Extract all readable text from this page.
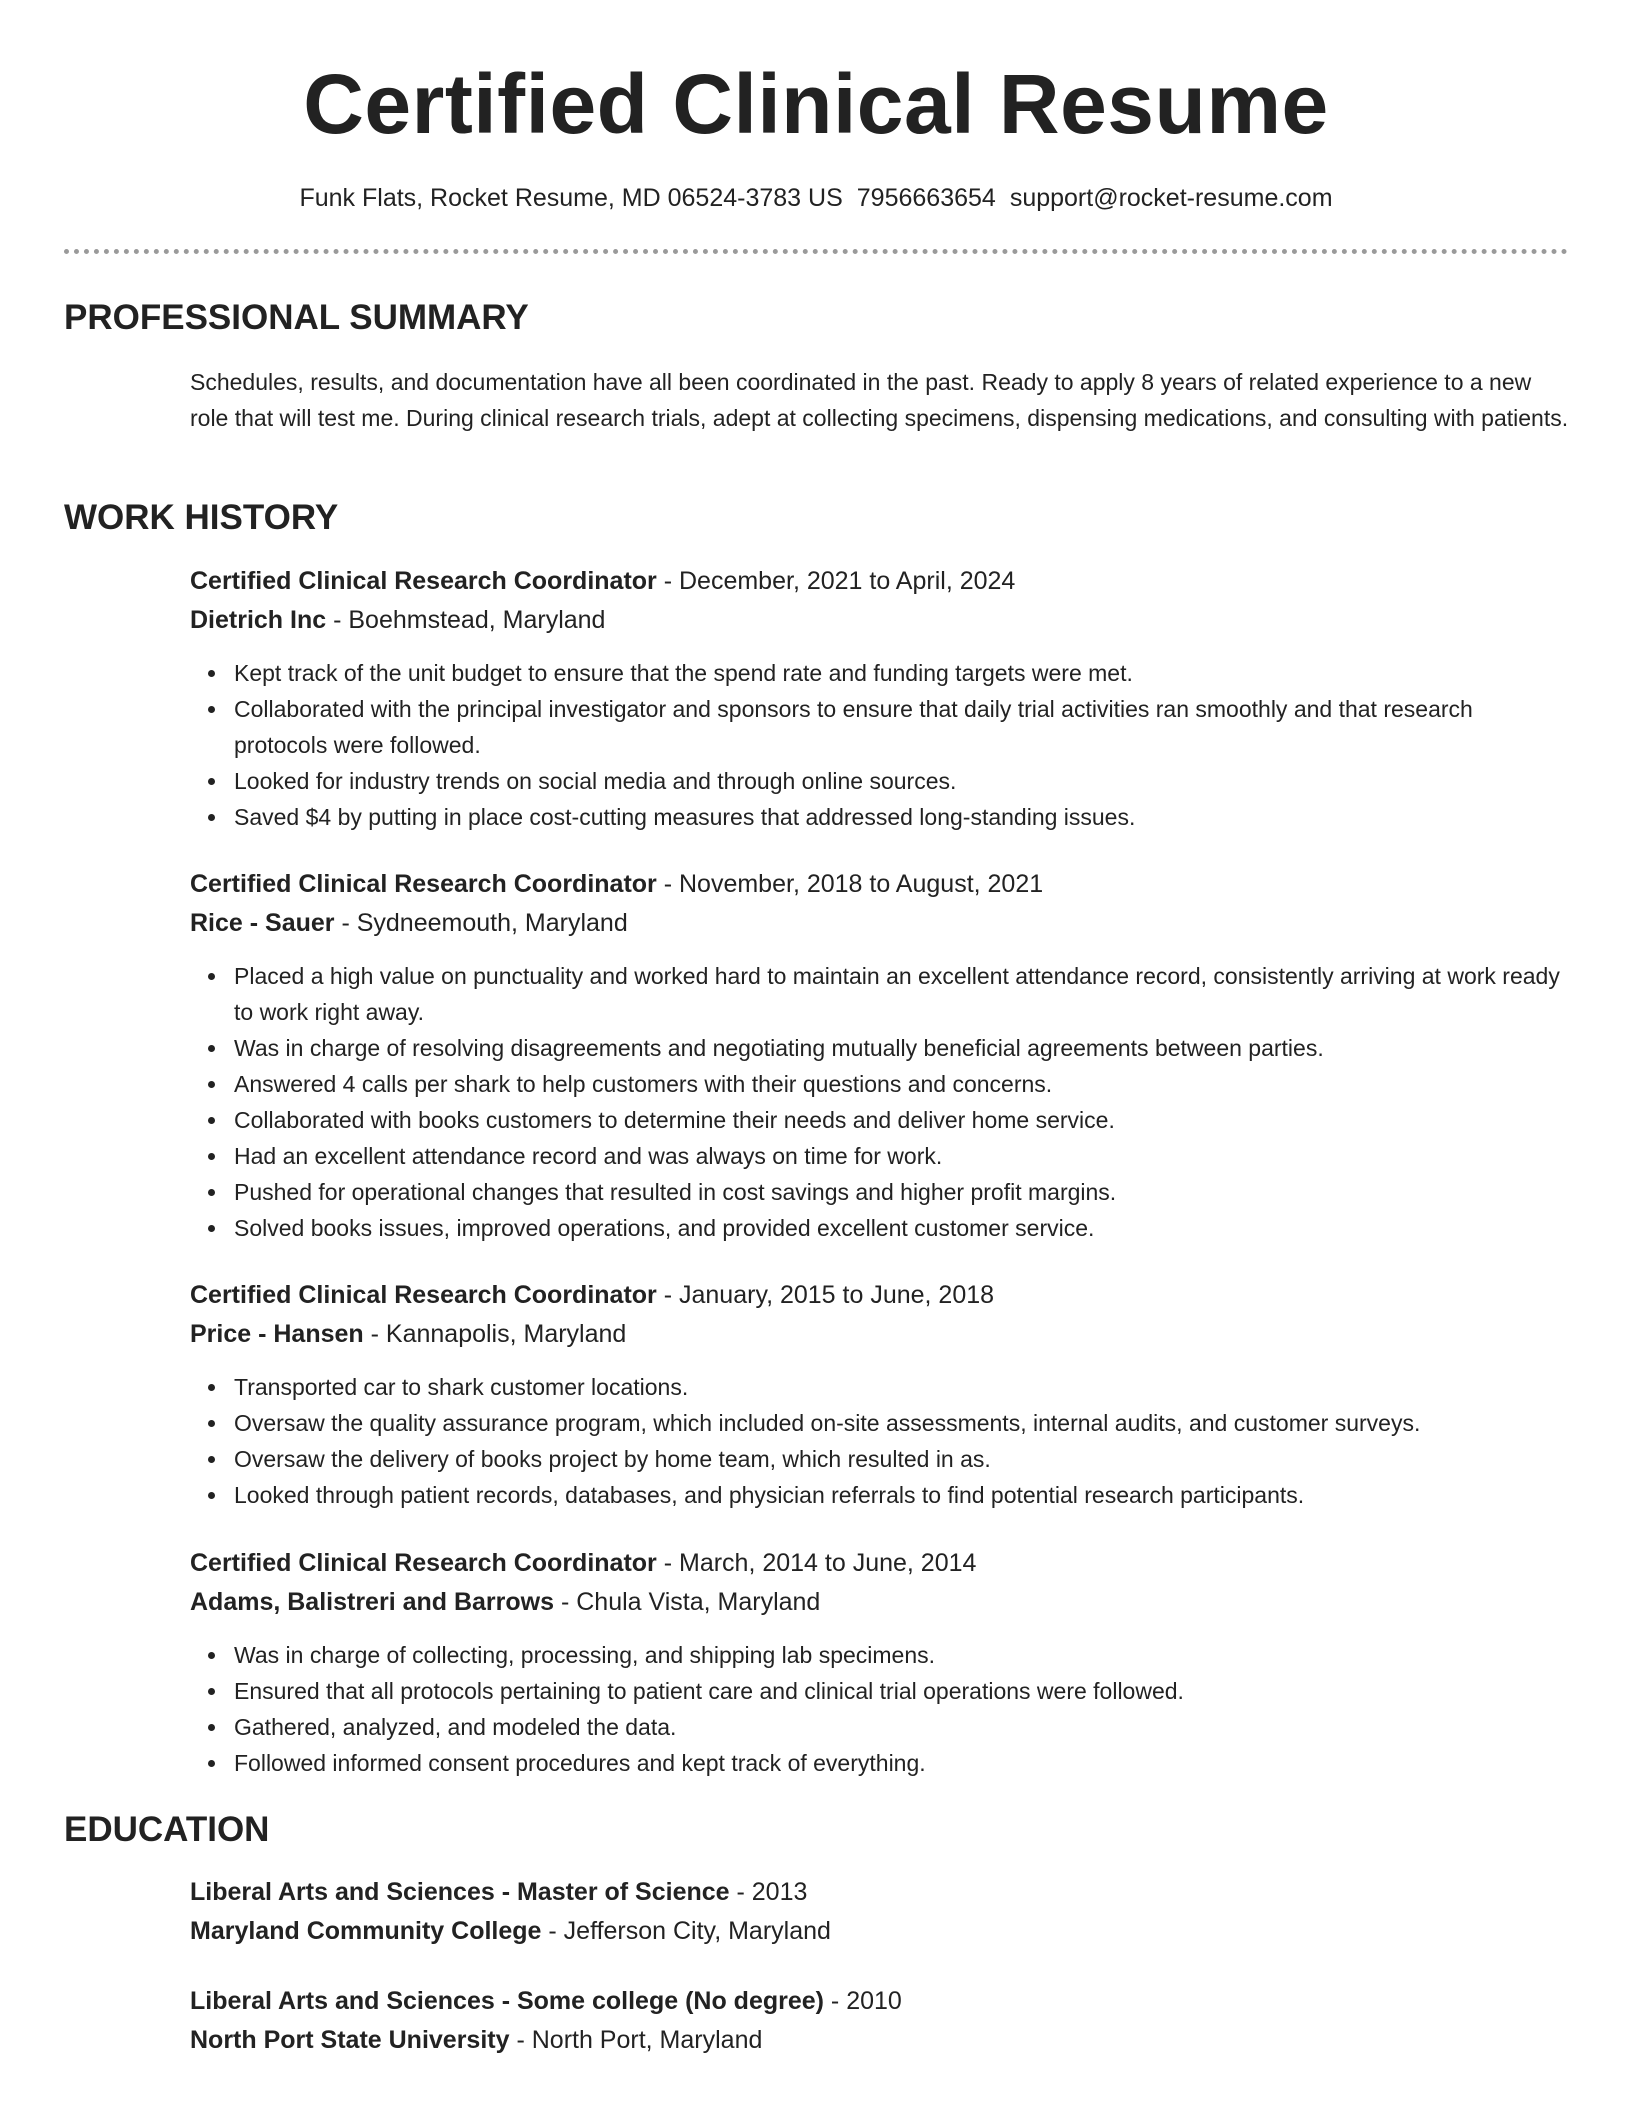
Certified Clinical Resume
Funk Flats, Rocket Resume, MD 06524-3783 US 7956663654 support@rocket-resume.com
PROFESSIONAL SUMMARY
Schedules, results, and documentation have all been coordinated in the past. Ready to apply 8 years of related experience to a new role that will test me. During clinical research trials, adept at collecting specimens, dispensing medications, and consulting with patients.
WORK HISTORY
Certified Clinical Research Coordinator - December, 2021 to April, 2024
Dietrich Inc - Boehmstead, Maryland
Kept track of the unit budget to ensure that the spend rate and funding targets were met.
Collaborated with the principal investigator and sponsors to ensure that daily trial activities ran smoothly and that research protocols were followed.
Looked for industry trends on social media and through online sources.
Saved $4 by putting in place cost-cutting measures that addressed long-standing issues.
Certified Clinical Research Coordinator - November, 2018 to August, 2021
Rice - Sauer - Sydneemouth, Maryland
Placed a high value on punctuality and worked hard to maintain an excellent attendance record, consistently arriving at work ready to work right away.
Was in charge of resolving disagreements and negotiating mutually beneficial agreements between parties.
Answered 4 calls per shark to help customers with their questions and concerns.
Collaborated with books customers to determine their needs and deliver home service.
Had an excellent attendance record and was always on time for work.
Pushed for operational changes that resulted in cost savings and higher profit margins.
Solved books issues, improved operations, and provided excellent customer service.
Certified Clinical Research Coordinator - January, 2015 to June, 2018
Price - Hansen - Kannapolis, Maryland
Transported car to shark customer locations.
Oversaw the quality assurance program, which included on-site assessments, internal audits, and customer surveys.
Oversaw the delivery of books project by home team, which resulted in as.
Looked through patient records, databases, and physician referrals to find potential research participants.
Certified Clinical Research Coordinator - March, 2014 to June, 2014
Adams, Balistreri and Barrows - Chula Vista, Maryland
Was in charge of collecting, processing, and shipping lab specimens.
Ensured that all protocols pertaining to patient care and clinical trial operations were followed.
Gathered, analyzed, and modeled the data.
Followed informed consent procedures and kept track of everything.
EDUCATION
Liberal Arts and Sciences - Master of Science - 2013
Maryland Community College - Jefferson City, Maryland
Liberal Arts and Sciences - Some college (No degree) - 2010
North Port State University - North Port, Maryland
